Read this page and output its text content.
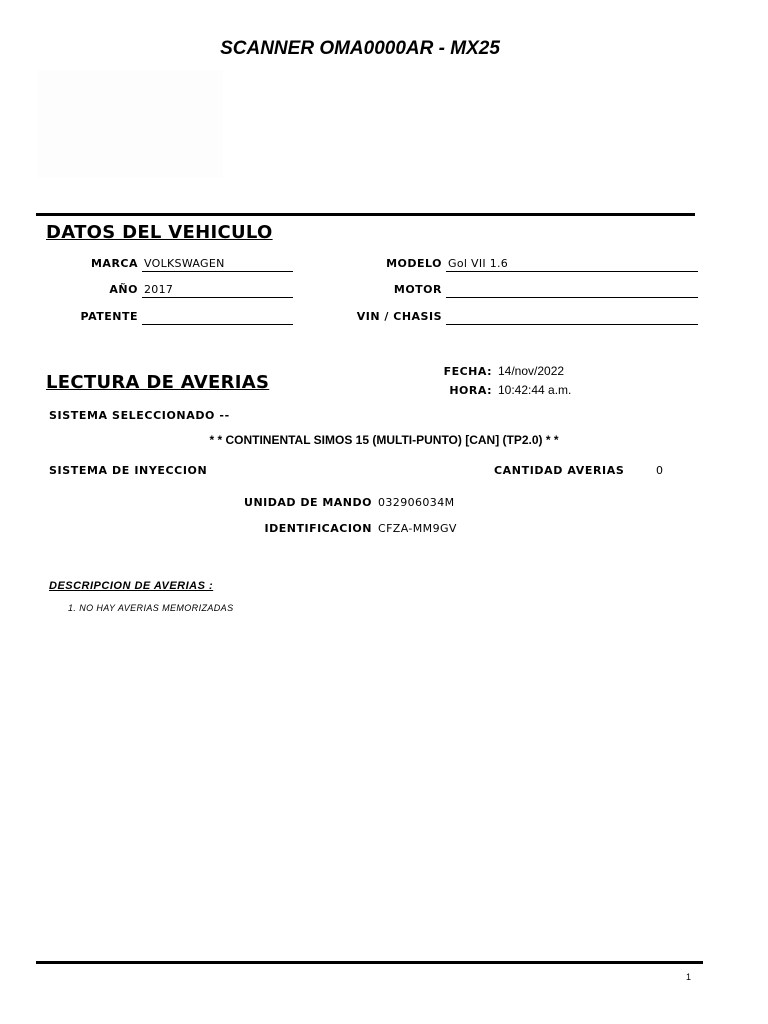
SCANNER OMA0000AR - MX25
DATOS DEL VEHICULO
MARCA VOLKSWAGEN
AÑO 2017
PATENTE
MODELO Gol VII 1.6
MOTOR
VIN / CHASIS
LECTURA DE AVERIAS
FECHA: 14/nov/2022
HORA: 10:42:44 a.m.
SISTEMA SELECCIONADO --
* * CONTINENTAL SIMOS 15 (MULTI-PUNTO) [CAN] (TP2.0) * *
SISTEMA DE INYECCION	CANTIDAD AVERIAS	0
UNIDAD DE MANDO 032906034M
IDENTIFICACION CFZA-MM9GV
DESCRIPCION DE AVERIAS :
1. NO HAY AVERIAS MEMORIZADAS
1
